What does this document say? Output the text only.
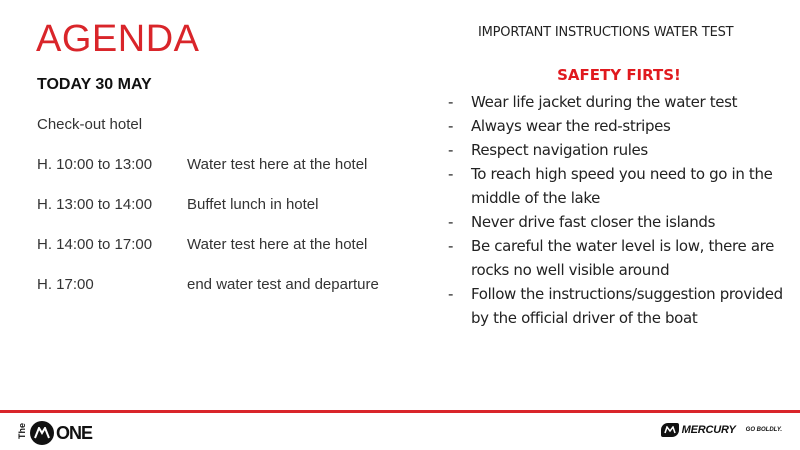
AGENDA
TODAY 30 MAY
Check-out hotel
H. 10:00 to 13:00	Water test here at the hotel
H. 13:00 to 14:00	Buffet lunch in hotel
H. 14:00 to 17:00	Water test here at the hotel
H. 17:00	end water test and departure
IMPORTANT INSTRUCTIONS WATER TEST
SAFETY FIRTS!
-	Wear life jacket during the water test
-	Always wear the red-stripes
-	Respect navigation rules
-	To reach high speed you need to go in the middle of the lake
-	Never drive fast closer the islands
-	Be careful the water level is low, there are rocks no well visible around
-	Follow the instructions/suggestion provided by the official driver of the boat
The ONE	MERCURY GO BOLDLY.
